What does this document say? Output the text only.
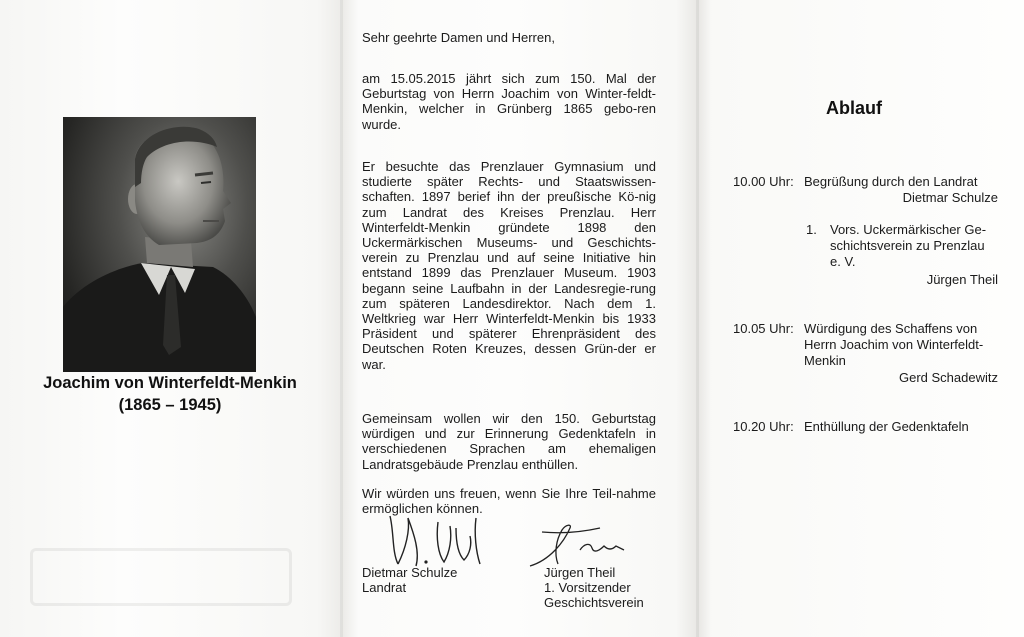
Joachim von Winterfeldt-Menkin
(1865 – 1945)
Sehr geehrte Damen und Herren,
am 15.05.2015 jährt sich zum 150. Mal der Geburtstag von Herrn Joachim von Winter-feldt-Menkin, welcher in Grünberg 1865 gebo-ren wurde.
Er besuchte das Prenzlauer Gymnasium und studierte später Rechts- und Staatswissen-schaften. 1897 berief ihn der preußische Kö-nig zum Landrat des Kreises Prenzlau. Herr Winterfeldt-Menkin gründete 1898 den Uckermärkischen Museums- und Geschichts-verein zu Prenzlau und auf seine Initiative hin entstand 1899 das Prenzlauer Museum. 1903 begann seine Laufbahn in der Landesregie-rung zum späteren Landesdirektor. Nach dem 1. Weltkrieg war Herr Winterfeldt-Menkin bis 1933 Präsident und späterer Ehrenpräsident des Deutschen Roten Kreuzes, dessen Grün-der er war.
Gemeinsam wollen wir den 150. Geburtstag würdigen und zur Erinnerung Gedenktafeln in verschiedenen Sprachen am ehemaligen Landratsgebäude Prenzlau enthüllen.
Wir würden uns freuen, wenn Sie Ihre Teil-nahme ermöglichen können.
Dietmar Schulze
Landrat
Jürgen Theil
1. Vorsitzender
Geschichtsverein
Ablauf
10.00 Uhr: Begrüßung durch den Landrat
Dietmar Schulze
1. Vors. Uckermärkischer Ge-
schichtsverein zu Prenzlau
e. V.
Jürgen Theil
10.05 Uhr: Würdigung des Schaffens von
Herrn Joachim von Winterfeldt-
Menkin
Gerd Schadewitz
10.20 Uhr: Enthüllung der Gedenktafeln
